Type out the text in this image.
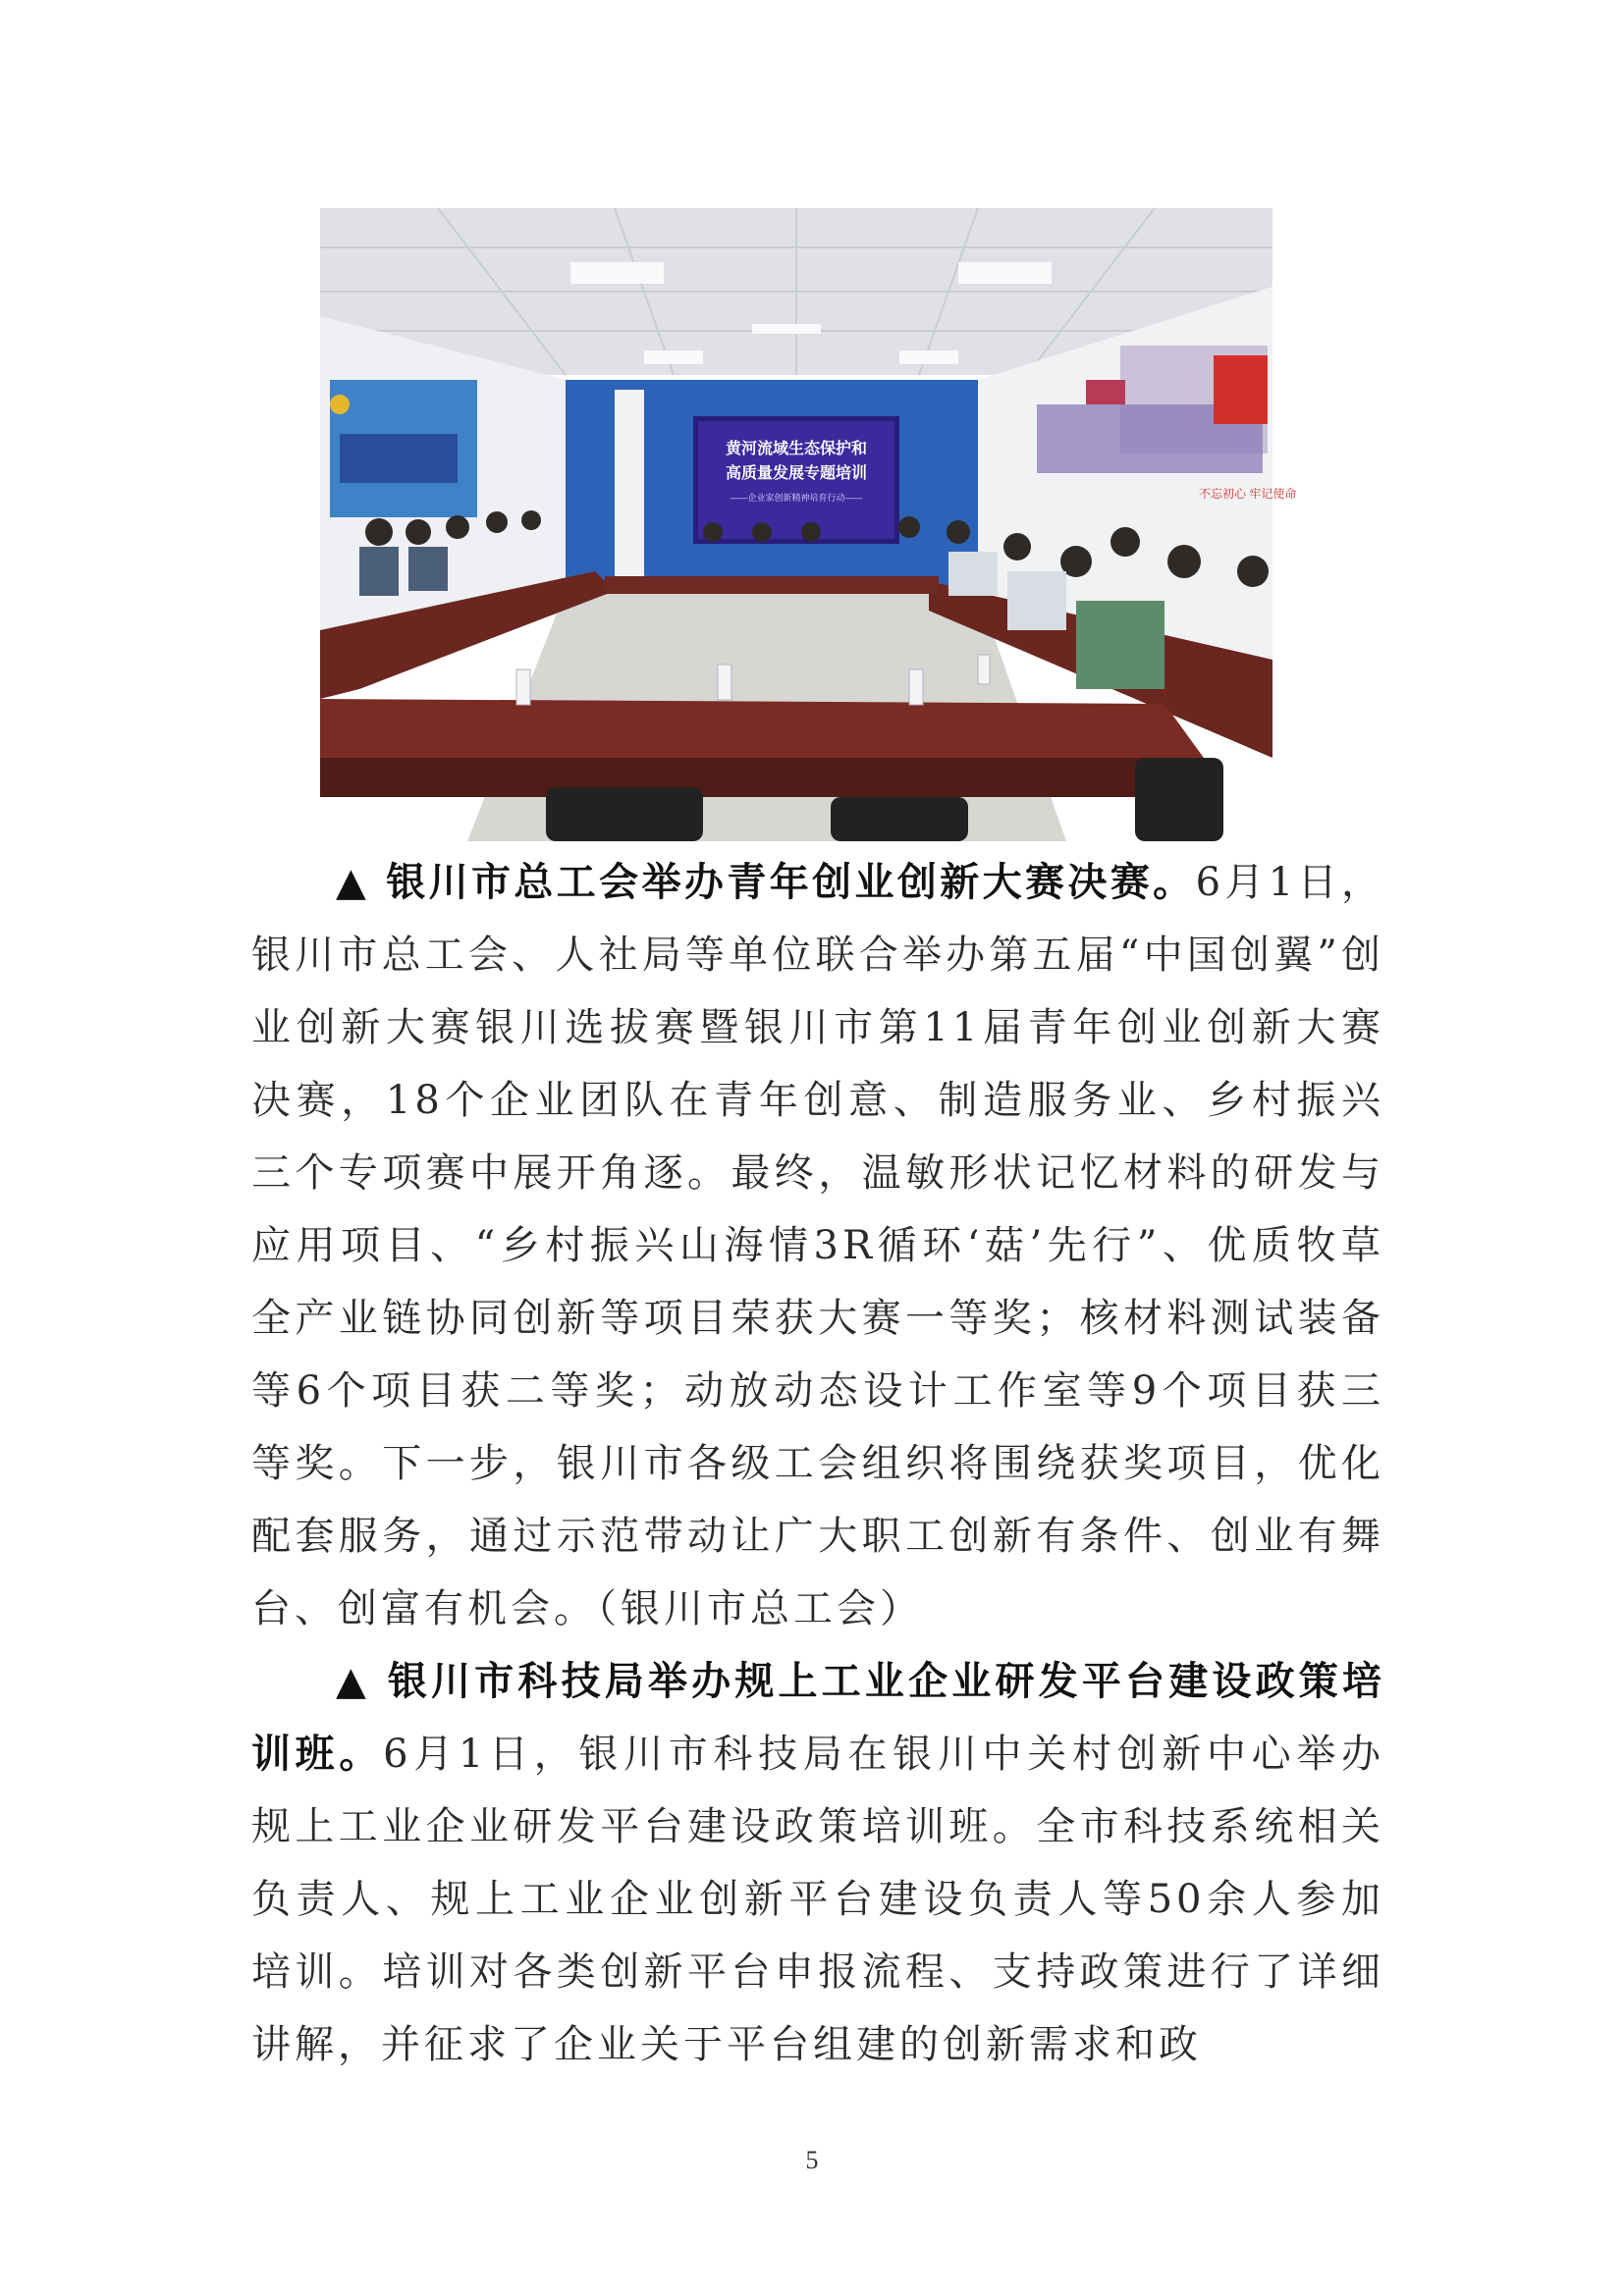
黄河流域生态保护和
高质量发展专题培训
——企业家创新精神培育行动——	不忘初心 牢记使命

▲ 银川市总工会举办青年创业创新大赛决赛。6月1日，银川市总工会、人社局等单位联合举办第五届“中国创翼”创业创新大赛银川选拔赛暨银川市第11届青年创业创新大赛决赛，18个企业团队在青年创意、制造服务业、乡村振兴三个专项赛中展开角逐。最终，温敏形状记忆材料的研发与应用项目、“乡村振兴山海情3R循环‘菇’先行”、优质牧草全产业链协同创新等项目荣获大赛一等奖；核材料测试装备等6个项目获二等奖；动放动态设计工作室等9个项目获三等奖。下一步，银川市各级工会组织将围绕获奖项目，优化配套服务，通过示范带动让广大职工创新有条件、创业有舞台、创富有机会。（银川市总工会）

▲ 银川市科技局举办规上工业企业研发平台建设政策培训班。6月1日，银川市科技局在银川中关村创新中心举办规上工业企业研发平台建设政策培训班。全市科技系统相关负责人、规上工业企业创新平台建设负责人等50余人参加培训。培训对各类创新平台申报流程、支持政策进行了详细讲解，并征求了企业关于平台组建的创新需求和政

5
